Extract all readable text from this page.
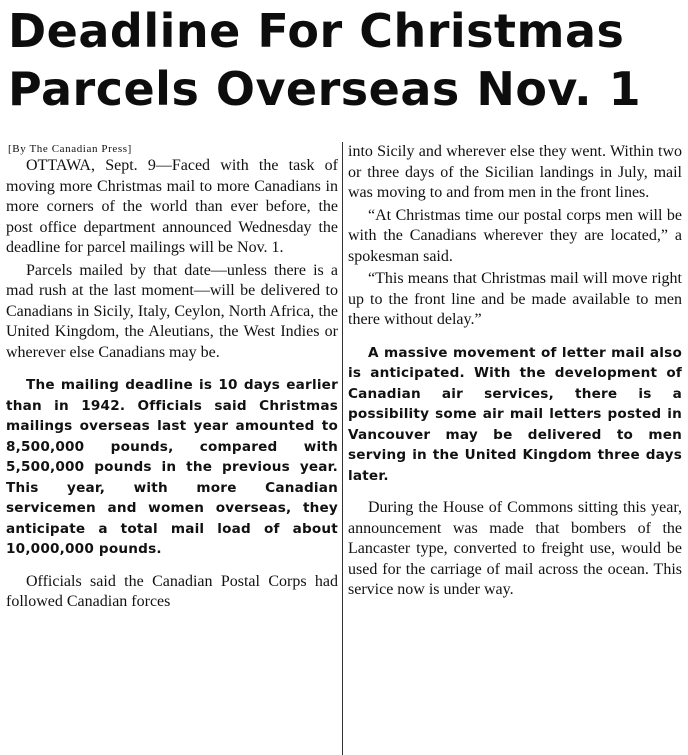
Deadline For Christmas
Parcels Overseas Nov. 1
[By The Canadian Press]

OTTAWA, Sept. 9—Faced with the task of moving more Christmas mail to more Canadians in more corners of the world than ever before, the post office department announced Wednesday the deadline for parcel mailings will be Nov. 1.

Parcels mailed by that date—unless there is a mad rush at the last moment—will be delivered to Canadians in Sicily, Italy, Ceylon, North Africa, the United Kingdom, the Aleutians, the West Indies or wherever else Canadians may be.

The mailing deadline is 10 days earlier than in 1942. Officials said Christmas mailings overseas last year amounted to 8,500,000 pounds, compared with 5,500,000 pounds in the previous year. This year, with more Canadian servicemen and women overseas, they anticipate a total mail load of about 10,000,000 pounds.

Officials said the Canadian Postal Corps had followed Canadian forces

into Sicily and wherever else they went. Within two or three days of the Sicilian landings in July, mail was moving to and from men in the front lines.

“At Christmas time our postal corps men will be with the Canadians wherever they are located,” a spokesman said.

“This means that Christmas mail will move right up to the front line and be made available to men there without delay.”

A massive movement of letter mail also is anticipated. With the development of Canadian air services, there is a possibility some air mail letters posted in Vancouver may be delivered to men serving in the United Kingdom three days later.

During the House of Commons sitting this year, announcement was made that bombers of the Lancaster type, converted to freight use, would be used for the carriage of mail across the ocean. This service now is under way.
